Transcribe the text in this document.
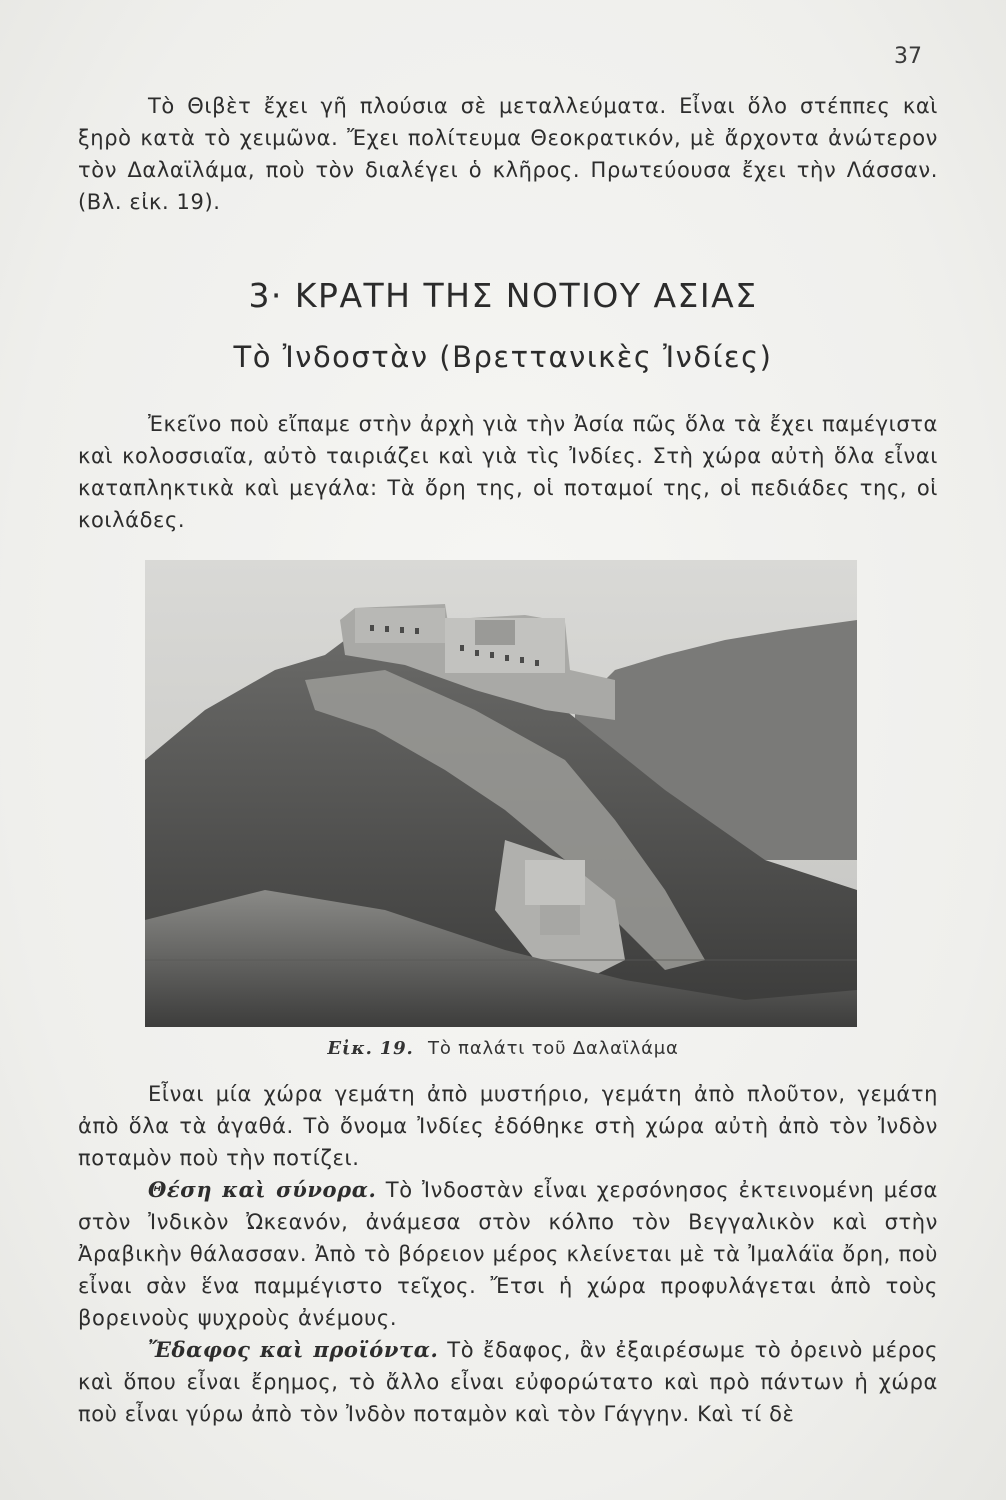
37

Τὸ Θιβὲτ ἔχει γῆ πλούσια σὲ μεταλλεύματα. Εἶναι ὅλο στέππες καὶ ξηρὸ κατὰ τὸ χειμῶνα. Ἔχει πολίτευμα Θεοκρατικόν, μὲ ἄρχοντα ἀνώτερον τὸν Δαλαϊλάμα, ποὺ τὸν διαλέγει ὁ κλῆρος. Πρωτεύουσα ἔχει τὴν Λάσσαν. (Βλ. εἰκ. 19).

3· ΚΡΑΤΗ ΤΗΣ ΝΟΤΙΟΥ ΑΣΙΑΣ
Τὸ Ἰνδοστὰν (Βρεττανικὲς Ἰνδίες)

Ἐκεῖνο ποὺ εἴπαμε στὴν ἀρχὴ γιὰ τὴν Ἀσία πῶς ὅλα τὰ ἔχει παμέγιστα καὶ κολοσσιαῖα, αὐτὸ ταιριάζει καὶ γιὰ τὶς Ἰνδίες. Στὴ χώρα αὐτὴ ὅλα εἶναι καταπληκτικὰ καὶ μεγάλα: Τὰ ὄρη της, οἱ ποταμοί της, οἱ πεδιάδες της, οἱ κοιλάδες.

Εἰκ. 19. Τὸ παλάτι τοῦ Δαλαϊλάμα

Εἶναι μία χώρα γεμάτη ἀπὸ μυστήριο, γεμάτη ἀπὸ πλοῦτον, γεμάτη ἀπὸ ὅλα τὰ ἀγαθά. Τὸ ὄνομα Ἰνδίες ἐδόθηκε στὴ χώρα αὐτὴ ἀπὸ τὸν Ἰνδὸν ποταμὸν ποὺ τὴν ποτίζει.

Θέση καὶ σύνορα. Τὸ Ἰνδοστὰν εἶναι χερσόνησος ἐκτεινομένη μέσα στὸν Ἰνδικὸν Ὠκεανόν, ἀνάμεσα στὸν κόλπο τὸν Βεγγαλικὸν καὶ στὴν Ἀραβικὴν θάλασσαν. Ἀπὸ τὸ βόρειον μέρος κλείνεται μὲ τὰ Ἰμαλάϊα ὄρη, ποὺ εἶναι σὰν ἕνα παμμέγιστο τεῖχος. Ἔτσι ἡ χώρα προφυλάγεται ἀπὸ τοὺς βορεινοὺς ψυχροὺς ἀνέμους.

Ἔδαφος καὶ προϊόντα. Τὸ ἔδαφος, ἂν ἐξαιρέσωμε τὸ ὀρεινὸ μέρος καὶ ὅπου εἶναι ἔρημος, τὸ ἄλλο εἶναι εὐφορώτατο καὶ πρὸ πάντων ἡ χώρα ποὺ εἶναι γύρω ἀπὸ τὸν Ἰνδὸν ποταμὸν καὶ τὸν Γάγγην. Καὶ τί δὲ
